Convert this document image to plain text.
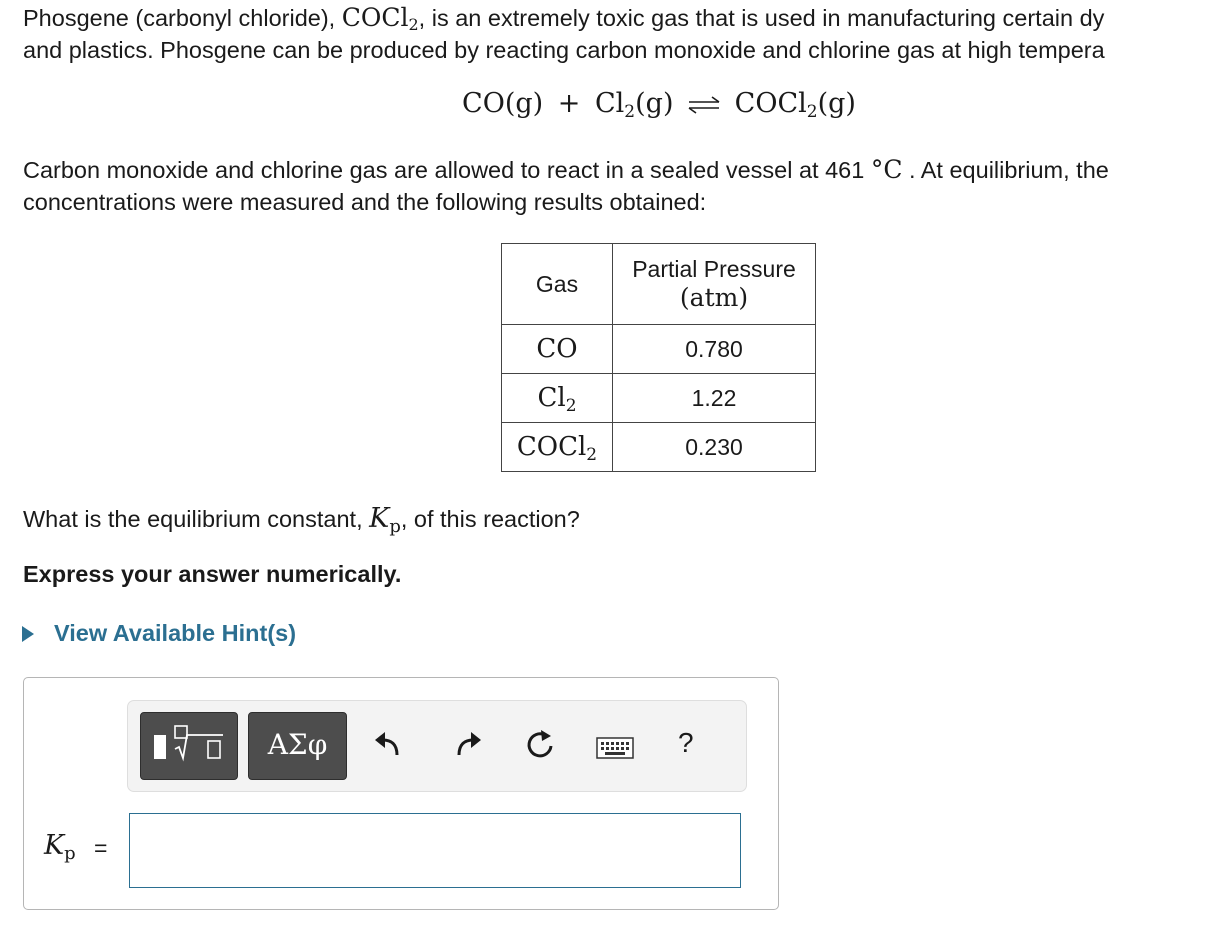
Phosgene (carbonyl chloride), COCl$_2$, is an extremely toxic gas that is used in manufacturing certain dy
and plastics. Phosgene can be produced by reacting carbon monoxide and chlorine gas at high tempera
$CO(g) + Cl_2(g)$ ⇌ COCl$_2$(g)
Carbon monoxide and chlorine gas are allowed to react in a sealed vessel at 461 °C . At equilibrium, the
concentrations were measured and the following results obtained:
Gas	Partial Pressure
(atm)

CO	0.780
$Cl_2$	1.22
COCl$_2$	0.230
What is the equilibrium constant, $K_p$, of this reaction?
Express your answer numerically.
View Available Hint(s)
ΑΣφ	?
$K_p$ =
